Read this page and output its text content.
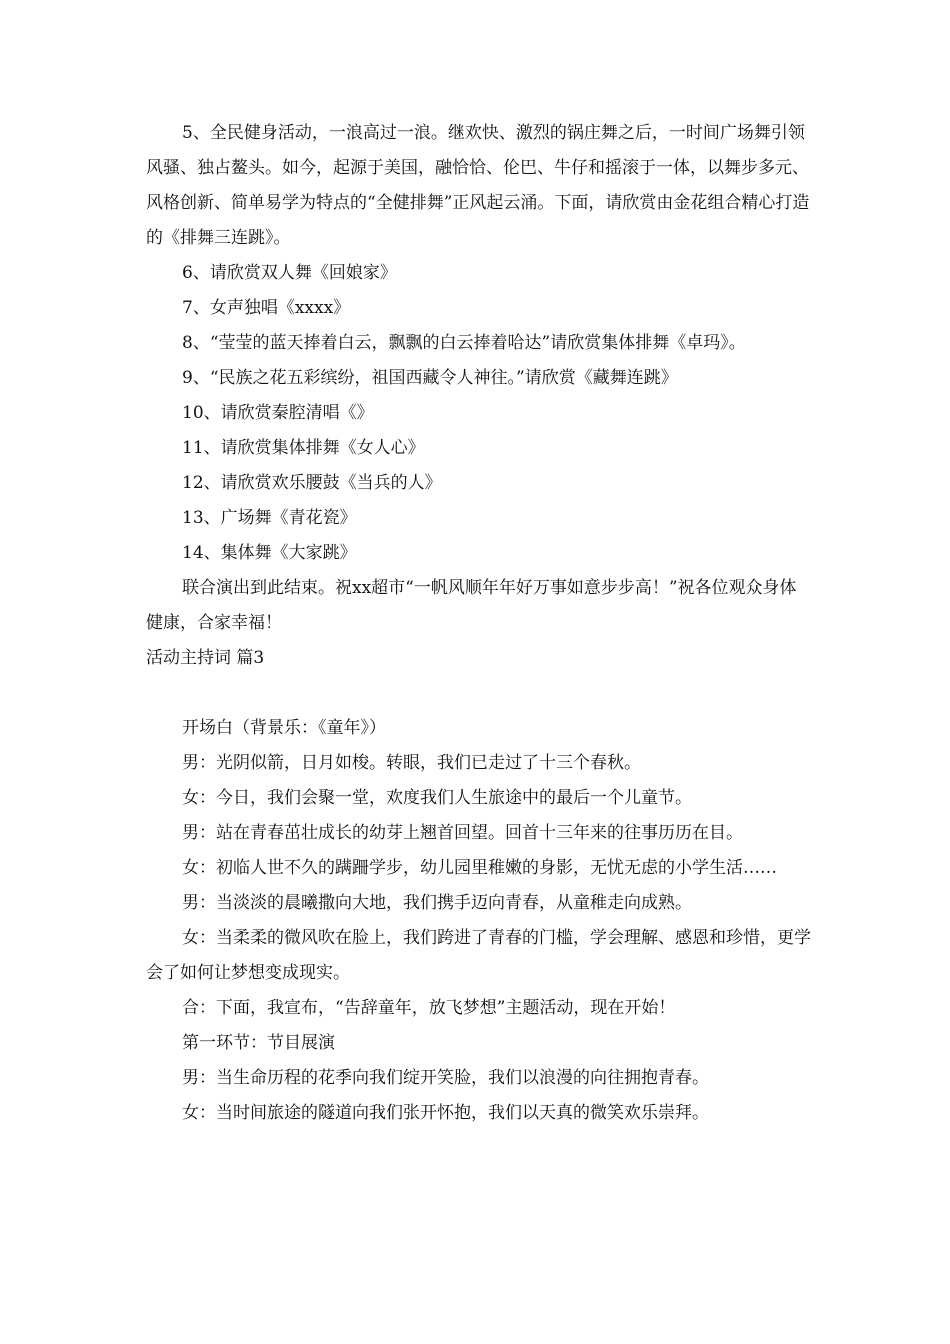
5、全民健身活动，一浪高过一浪。继欢快、激烈的锅庄舞之后，一时间广场舞引领风骚、独占鳌头。如今，起源于美国，融恰恰、伦巴、牛仔和摇滚于一体，以舞步多元、风格创新、简单易学为特点的“全健排舞”正风起云涌。下面，请欣赏由金花组合精心打造的《排舞三连跳》。

6、请欣赏双人舞《回娘家》

7、女声独唱《xxxx》

8、“莹莹的蓝天捧着白云，飘飘的白云捧着哈达”请欣赏集体排舞《卓玛》。

9、“民族之花五彩缤纷，祖国西藏令人神往。”请欣赏《藏舞连跳》

10、请欣赏秦腔清唱《》

11、请欣赏集体排舞《女人心》

12、请欣赏欢乐腰鼓《当兵的人》

13、广场舞《青花瓷》

14、集体舞《大家跳》

联合演出到此结束。祝xx超市“一帆风顺年年好万事如意步步高！”祝各位观众身体健康，合家幸福！

活动主持词 篇3

开场白（背景乐：《童年》）

男：光阴似箭，日月如梭。转眼，我们已走过了十三个春秋。

女：今日，我们会聚一堂，欢度我们人生旅途中的最后一个儿童节。

男：站在青春茁壮成长的幼芽上翘首回望。回首十三年来的往事历历在目。

女：初临人世不久的蹒跚学步，幼儿园里稚嫩的身影，无忧无虑的小学生活……

男：当淡淡的晨曦撒向大地，我们携手迈向青春，从童稚走向成熟。

女：当柔柔的微风吹在脸上，我们跨进了青春的门槛，学会理解、感恩和珍惜，更学会了如何让梦想变成现实。

合：下面，我宣布，“告辞童年，放飞梦想”主题活动，现在开始！

第一环节：节目展演

男：当生命历程的花季向我们绽开笑脸，我们以浪漫的向往拥抱青春。

女：当时间旅途的隧道向我们张开怀抱，我们以天真的微笑欢乐崇拜。
